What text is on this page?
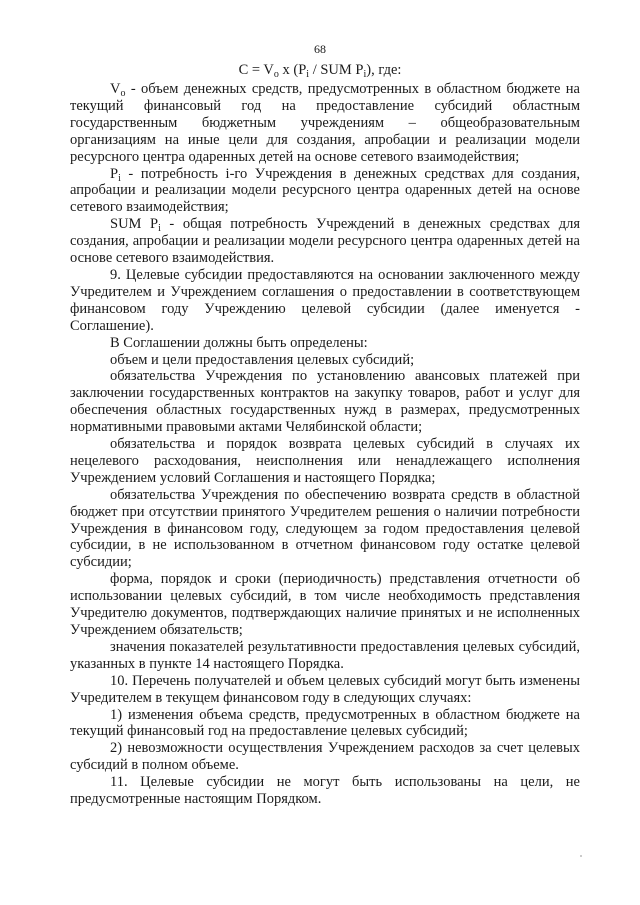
68
$C = V_o$ x ($P_i$ / SUM $P_i$), где:

$V_o$ - объем денежных средств, предусмотренных в областном бюджете на текущий финансовый год на предоставление субсидий областным государственным бюджетным учреждениям – общеобразовательным организациям на иные цели для создания, апробации и реализации модели ресурсного центра одаренных детей на основе сетевого взаимодействия;

$P_i$ - потребность i-го Учреждения в денежных средствах для создания, апробации и реализации модели ресурсного центра одаренных детей на основе сетевого взаимодействия;

SUM $P_i$ - общая потребность Учреждений в денежных средствах для создания, апробации и реализации модели ресурсного центра одаренных детей на основе сетевого взаимодействия.

9. Целевые субсидии предоставляются на основании заключенного между Учредителем и Учреждением соглашения о предоставлении в соответствующем финансовом году Учреждению целевой субсидии (далее именуется - Соглашение).

В Соглашении должны быть определены:

объем и цели предоставления целевых субсидий;

обязательства Учреждения по установлению авансовых платежей при заключении государственных контрактов на закупку товаров, работ и услуг для обеспечения областных государственных нужд в размерах, предусмотренных нормативными правовыми актами Челябинской области;

обязательства и порядок возврата целевых субсидий в случаях их нецелевого расходования, неисполнения или ненадлежащего исполнения Учреждением условий Соглашения и настоящего Порядка;

обязательства Учреждения по обеспечению возврата средств в областной бюджет при отсутствии принятого Учредителем решения о наличии потребности Учреждения в финансовом году, следующем за годом предоставления целевой субсидии, в не использованном в отчетном финансовом году остатке целевой субсидии;

форма, порядок и сроки (периодичность) представления отчетности об использовании целевых субсидий, в том числе необходимость представления Учредителю документов, подтверждающих наличие принятых и не исполненных Учреждением обязательств;

значения показателей результативности предоставления целевых субсидий, указанных в пункте 14 настоящего Порядка.

10. Перечень получателей и объем целевых субсидий могут быть изменены Учредителем в текущем финансовом году в следующих случаях:

1) изменения объема средств, предусмотренных в областном бюджете на текущий финансовый год на предоставление целевых субсидий;

2) невозможности осуществления Учреждением расходов за счет целевых субсидий в полном объеме.

11. Целевые субсидии не могут быть использованы на цели, не предусмотренные настоящим Порядком.
